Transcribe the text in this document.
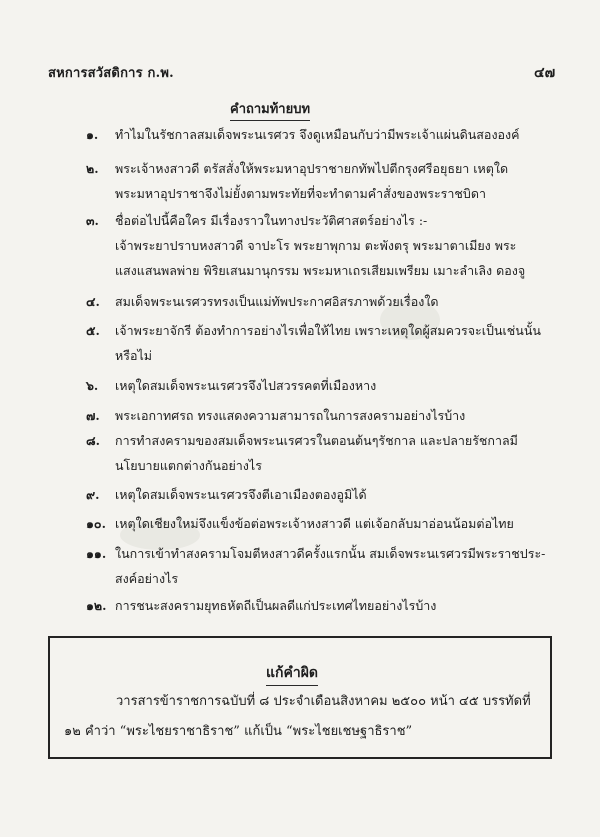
สหการสวัสดิการ ก.พ.	๔๗
คำถามท้ายบท
๑. ทำไมในรัชกาลสมเด็จพระนเรศวร จึงดูเหมือนกับว่ามีพระเจ้าแผ่นดินสององค์
๒. พระเจ้าหงสาวดี ตรัสสั่งให้พระมหาอุปราชายกทัพไปตีกรุงศรีอยุธยา เหตุใด
พระมหาอุปราชาจึงไม่ยั้งตามพระทัยที่จะทำตามคำสั่งของพระราชบิดา
๓. ชื่อต่อไปนี้คือใคร มีเรื่องราวในทางประวัติศาสตร์อย่างไร :-
เจ้าพระยาปราบหงสาวดี จาปะโร พระยาพุกาม ตะพังตรุ พระมาตาเมียง พระ
แสงแสนพลพ่าย พิริยเสนมานุกรรม พระมหาเถรเสียมเพรียม เมาะลำเลิง ดองจู
๔. สมเด็จพระนเรศวรทรงเป็นแม่ทัพประกาศอิสรภาพด้วยเรื่องใด
๕. เจ้าพระยาจักรี ต้องทำการอย่างไรเพื่อให้ไทย เพราะเหตุใดผู้สมควรจะเป็นเช่นนั้น
หรือไม่
๖. เหตุใดสมเด็จพระนเรศวรจึงไปสวรรคตที่เมืองหาง
๗. พระเอกาทศรถ ทรงแสดงความสามารถในการสงครามอย่างไรบ้าง
๘. การทำสงครามของสมเด็จพระนเรศวรในตอนต้นๆรัชกาล และปลายรัชกาลมี
นโยบายแตกต่างกันอย่างไร
๙. เหตุใดสมเด็จพระนเรศวรจึงตีเอาเมืองตองอูมิได้
๑๐. เหตุใดเชียงใหม่จึงแข็งข้อต่อพระเจ้าหงสาวดี แต่เจ้อกลับมาอ่อนน้อมต่อไทย
๑๑. ในการเข้าทำสงครามโจมตีหงสาวดีครั้งแรกนั้น สมเด็จพระนเรศวรมีพระราชประ-
สงค์อย่างไร
๑๒. การชนะสงครามยุทธหัตถีเป็นผลดีแก่ประเทศไทยอย่างไรบ้าง
แก้คำผิด
วารสารข้าราชการฉบับที่ ๘ ประจำเดือนสิงหาคม ๒๕๐๐ หน้า ๔๕ บรรทัดที่
๑๒ คำว่า “พระไชยราชาธิราช” แก้เป็น “พระไชยเชษฐาธิราช”
